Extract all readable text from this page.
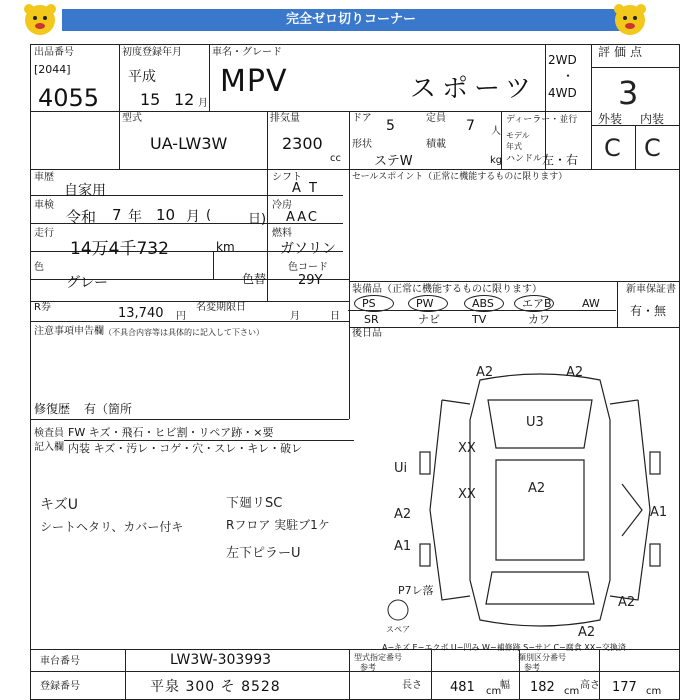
完全ゼロ切りコーナー
出品番号
[2044]
4055
初度登録年月
平成
15 12 月
車名・グレード
MPV	スポーツ
2WD
・
4WD
評価点
3
外装 内装
C C
型式
UA-LW3W
排気量
2300
cc
ドア 5	定員 7 人
ディーラー・並行
モデル 年式
形状
ステW
積載
kg ハンドル 左・右
車歴
自家用
シフト
A T
セールスポイント（正常に機能するものに限ります）
車検
令和 7 年 10 月 (	日)
冷房
AAC
走行
14万4千732	km
燃料
ガソリン
色
グレー	色替
色コード
29Y
装備品（正常に機能するものに限ります）	新車保証書
有・無
PS	PW	ABS	エアB	AW
SR	ナビ	TV	カワ
R券	13,740 円
名変期限日
月	日
注意事項申告欄 （不具合内容等は具体的に記入して下さい）
修復歴 有（箇所
後日品
検査員
記入欄
FW キズ・飛石・ヒビ割・リペア跡・×要
内装 キズ・汚レ・コゲ・穴・スレ・キレ・破レ
キズU
シートヘタリ、カバー付キ
下廻リSC
Rフロア 実駐ブ1ケ
左下ピラーU
A2	A2
U3
XX
XX
Ui
A2
A2	A1
A1
P7レ落
A2
A2
スペア
A−キズ E−エクボ U−凹み W−補修跡 S−サビ C−腐食 XX−交換済
車台番号	LW3W-303993
登録番号	平泉 300 そ 8528
型式指定番号
参考
類別区分番号
参考
長さ 481 cm
幅 182 cm
高さ 177 cm
